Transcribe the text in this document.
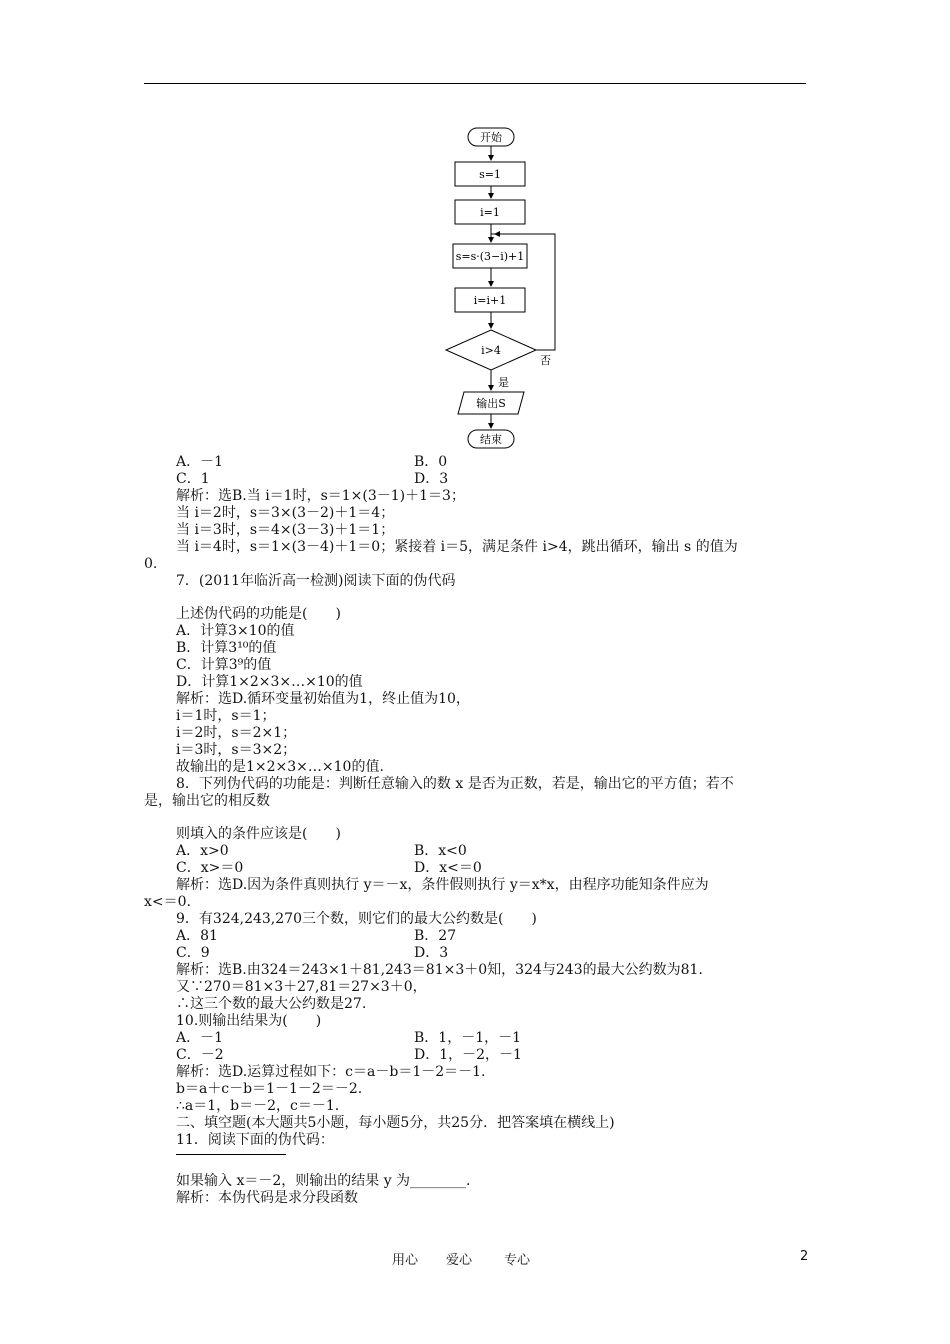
开始
s=1
i=1
s=s·(3−i)+1
i=i+1
i>4
否
是
输出S
结束
A．－1
C．1
解析：选B.当 i＝1时，s＝1×(3－1)＋1＝3；
当 i＝2时，s＝3×(3－2)＋1＝4；
当 i＝3时，s＝4×(3－3)＋1＝1；
当 i＝4时，s＝1×(3－4)＋1＝0；紧接着 i＝5，满足条件 i>4，跳出循环，输出 s 的值为
0.
7．(2011年临沂高一检测)阅读下面的伪代码
上述伪代码的功能是(　　)
A．计算3×10的值
B．计算3¹⁰的值
C．计算3⁹的值
D．计算1×2×3×…×10的值
解析：选D.循环变量初始值为1，终止值为10，
i＝1时，s＝1；
i＝2时，s＝2×1；
i＝3时，s＝3×2；
故输出的是1×2×3×…×10的值.
8．下列伪代码的功能是：判断任意输入的数 x 是否为正数，若是，输出它的平方值；若不
是，输出它的相反数
则填入的条件应该是(　　)
A．x>0
C．x>＝0
解析：选D.因为条件真则执行 y＝－x，条件假则执行 y＝x*x，由程序功能知条件应为
x<＝0.
9．有324,243,270三个数，则它们的最大公约数是(　　)
A．81
C．9
解析：选B.由324＝243×1＋81,243＝81×3＋0知，324与243的最大公约数为81.
又∵270＝81×3＋27,81＝27×3＋0，
∴这三个数的最大公约数是27.
10.则输出结果为(　　)
A．－1
C．－2
解析：选D.运算过程如下：c＝a－b＝1－2＝－1.
b＝a＋c－b＝1－1－2＝－2.
∴a＝1，b＝－2，c＝－1.
二、填空题(本大题共5小题，每小题5分，共25分．把答案填在横线上)
11．阅读下面的伪代码：
如果输入 x＝－2，则输出的结果 y 为________.
解析：本伪代码是求分段函数
B．0
D．3
B．x<0
D．x<＝0
B．27
D．3
B．1，－1，－1
D．1，－2，－1
用心 爱心 专心	2
